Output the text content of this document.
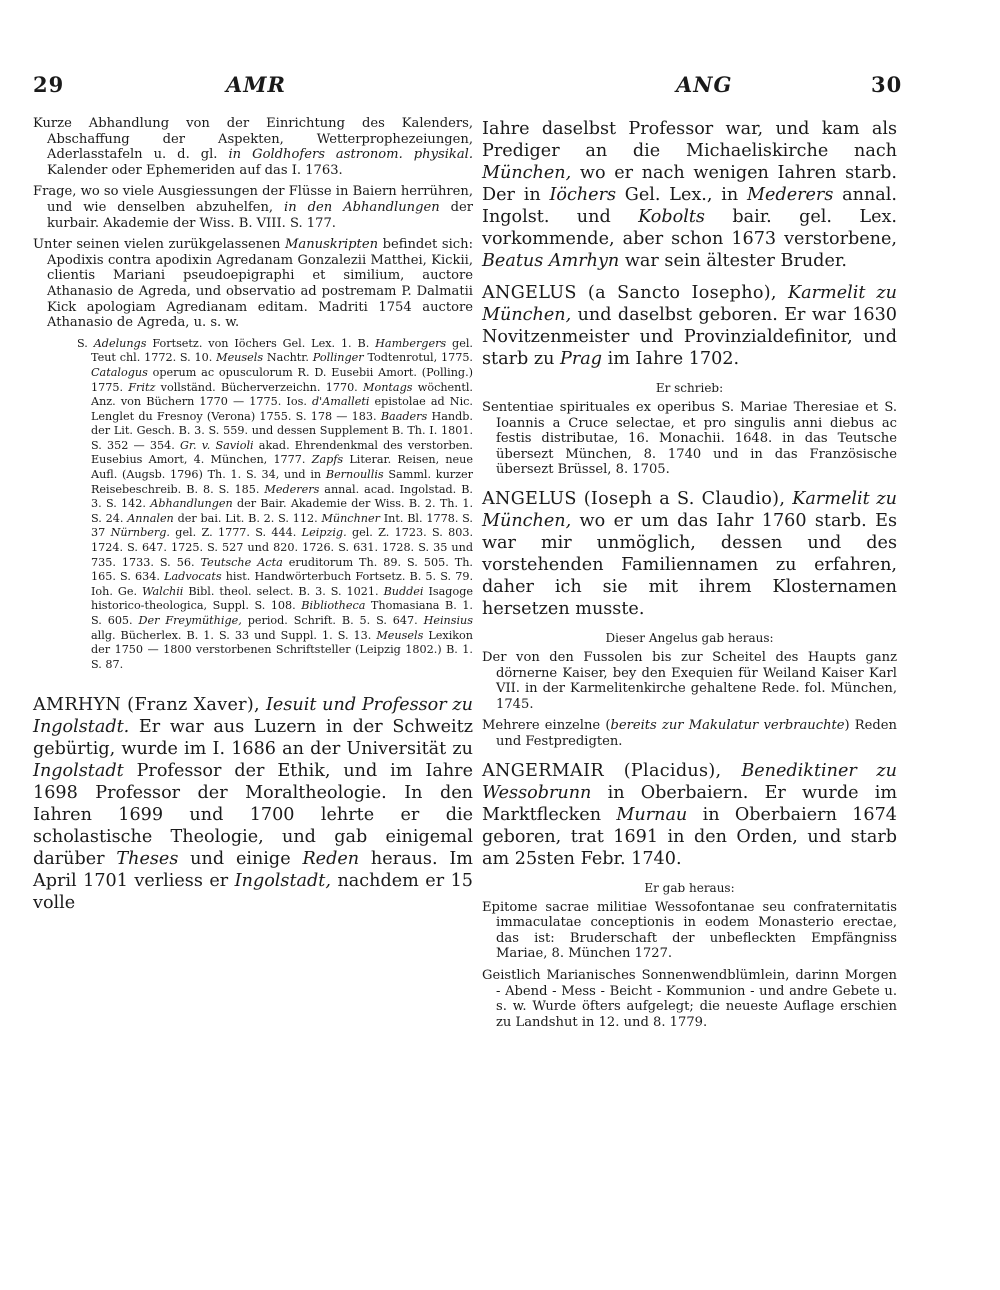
29	AMR	ANG	30

Kurze Abhandlung von der Einrichtung des Kalenders, Abschaffung der Aspekten, Wetterprophezeiungen, Aderlasstafeln u. d. gl. in Goldhofers astronom. physikal. Kalender oder Ephemeriden auf das I. 1763.

Frage, wo so viele Ausgiessungen der Flüsse in Baiern herrühren, und wie denselben abzuhelfen, in den Abhandlungen der kurbair. Akademie der Wiss. B. VIII. S. 177.

Unter seinen vielen zurükgelassenen Manuskripten befindet sich: Apodixis contra apodixin Agredanam Gonzalezii Matthei, Kickii, clientis Mariani pseudoepigraphi et similium, auctore Athanasio de Agreda, und observatio ad postremam P. Dalmatii Kick apologiam Agredianam editam. Madriti 1754 auctore Athanasio de Agreda, u. s. w.

S. Adelungs Fortsetz. von Iöchers Gel. Lex. 1. B. Hambergers gel. Teut chl. 1772. S. 10. Meusels Nachtr. Pollinger Todtenrotul, 1775. Catalogus operum ac opusculorum R. D. Eusebii Amort. (Polling.) 1775. Fritz vollständ. Bücherverzeichn. 1770. Montags wöchentl. Anz. von Büchern 1770 — 1775. Ios. d'Amalleti epistolae ad Nic. Lenglet du Fresnoy (Verona) 1755. S. 178 — 183. Baaders Handb. der Lit. Gesch. B. 3. S. 559. und dessen Supplement B. Th. I. 1801. S. 352 — 354. Gr. v. Savioli akad. Ehrendenkmal des verstorben. Eusebius Amort, 4. München, 1777. Zapfs Literar. Reisen, neue Aufl. (Augsb. 1796) Th. 1. S. 34, und in Bernoullis Samml. kurzer Reisebeschreib. B. 8. S. 185. Mederers annal. acad. Ingolstad. B. 3. S. 142. Abhandlungen der Bair. Akademie der Wiss. B. 2. Th. 1. S. 24. Annalen der bai. Lit. B. 2. S. 112. Münchner Int. Bl. 1778. S. 37 Nürnberg. gel. Z. 1777. S. 444. Leipzig. gel. Z. 1723. S. 803. 1724. S. 647. 1725. S. 527 und 820. 1726. S. 631. 1728. S. 35 und 735. 1733. S. 56. Teutsche Acta eruditorum Th. 89. S. 505. Th. 165. S. 634. Ladvocats hist. Handwörterbuch Fortsetz. B. 5. S. 79. Ioh. Ge. Walchii Bibl. theol. select. B. 3. S. 1021. Buddei Isagoge historico-theologica, Suppl. S. 108. Bibliotheca Thomasiana B. 1. S. 605. Der Freymüthige, period. Schrift. B. 5. S. 647. Heinsius allg. Bücherlex. B. 1. S. 33 und Suppl. 1. S. 13. Meusels Lexikon der 1750 — 1800 verstorbenen Schriftsteller (Leipzig 1802.) B. 1. S. 87.

AMRHYN (Franz Xaver), Iesuit und Professor zu Ingolstadt. Er war aus Luzern in der Schweitz gebürtig, wurde im I. 1686 an der Universität zu Ingolstadt Professor der Ethik, und im Iahre 1698 Professor der Moraltheologie. In den Iahren 1699 und 1700 lehrte er die scholastische Theologie, und gab einigemal darüber Theses und einige Reden heraus. Im April 1701 verliess er Ingolstadt, nachdem er 15 volle

Iahre daselbst Professor war, und kam als Prediger an die Michaeliskirche nach München, wo er nach wenigen Iahren starb. Der in Iöchers Gel. Lex., in Mederers annal. Ingolst. und Kobolts bair. gel. Lex. vorkommende, aber schon 1673 verstorbene, Beatus Amrhyn war sein ältester Bruder.

ANGELUS (a Sancto Iosepho), Karmelit zu München, und daselbst geboren. Er war 1630 Novitzenmeister und Provinzialdefinitor, und starb zu Prag im Iahre 1702.

Er schrieb:

Sententiae spirituales ex operibus S. Mariae Theresiae et S. Ioannis a Cruce selectae, et pro singulis anni diebus ac festis distributae, 16. Monachii. 1648. in das Teutsche übersezt München, 8. 1740 und in das Französische übersezt Brüssel, 8. 1705.

ANGELUS (Ioseph a S. Claudio), Karmelit zu München, wo er um das Iahr 1760 starb. Es war mir unmöglich, dessen und des vorstehenden Familiennamen zu erfahren, daher ich sie mit ihrem Klosternamen hersetzen musste.

Dieser Angelus gab heraus:

Der von den Fussolen bis zur Scheitel des Haupts ganz dörnerne Kaiser, bey den Exequien für Weiland Kaiser Karl VII. in der Karmelitenkirche gehaltene Rede. fol. München, 1745.

Mehrere einzelne (bereits zur Makulatur verbrauchte) Reden und Festpredigten.

ANGERMAIR (Placidus), Benediktiner zu Wessobrunn in Oberbaiern. Er wurde im Marktflecken Murnau in Oberbaiern 1674 geboren, trat 1691 in den Orden, und starb am 25sten Febr. 1740.

Er gab heraus:

Epitome sacrae militiae Wessofontanae seu confraternitatis immaculatae conceptionis in eodem Monasterio erectae, das ist: Bruderschaft der unbefleckten Empfängniss Mariae, 8. München 1727.

Geistlich Marianisches Sonnenwendblümlein, darinn Morgen - Abend - Mess - Beicht - Kommunion - und andre Gebete u. s. w. Wurde öfters aufgelegt; die neueste Auflage erschien zu Landshut in 12. und 8. 1779.
